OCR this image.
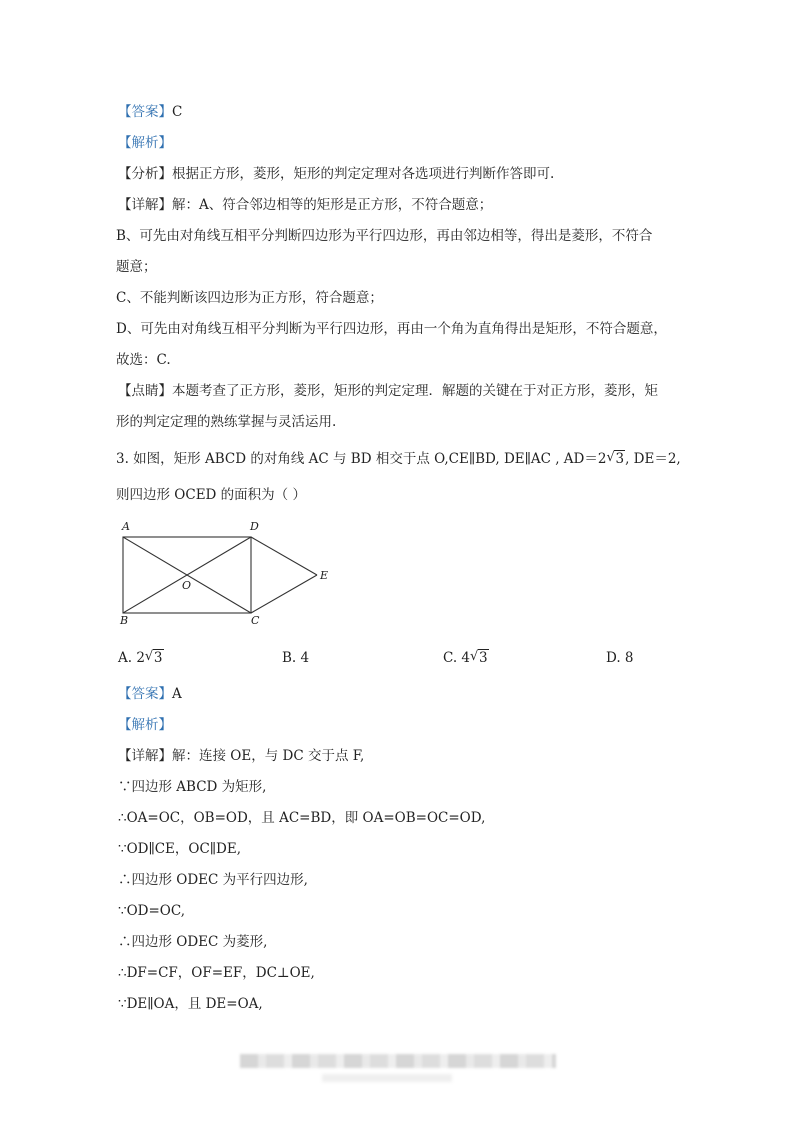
【答案】C
【解析】
【分析】根据正方形，菱形，矩形的判定定理对各选项进行判断作答即可.
【详解】解：A、符合邻边相等的矩形是正方形，不符合题意；
B、可先由对角线互相平分判断四边形为平行四边形，再由邻边相等，得出是菱形，不符合
题意；
C、不能判断该四边形为正方形，符合题意；
D、可先由对角线互相平分判断为平行四边形，再由一个角为直角得出是矩形，不符合题意，
故选：C.
【点睛】本题考查了正方形，菱形，矩形的判定定理．解题的关键在于对正方形，菱形，矩
形的判定定理的熟练掌握与灵活运用.
3. 如图，矩形 ABCD 的对角线 AC 与 BD 相交于点 O,CE∥BD, DE∥AC , AD＝2 √ 3, DE＝2,
则四边形 OCED 的面积为（ ）
A
B	C
D
E
O
A. 2 √ 3	B. 4	C. 4 √ 3	D. 8
【答案】A
【解析】
【详解】解：连接 OE，与 DC 交于点 F,
∵四边形 ABCD 为矩形,
∴OA=OC，OB=OD，且 AC=BD，即 OA=OB=OC=OD,
∵OD∥CE，OC∥DE,
∴四边形 ODEC 为平行四边形,
∵OD=OC,
∴四边形 ODEC 为菱形,
∴DF=CF，OF=EF，DC⊥OE,
∵DE∥OA，且 DE=OA,
